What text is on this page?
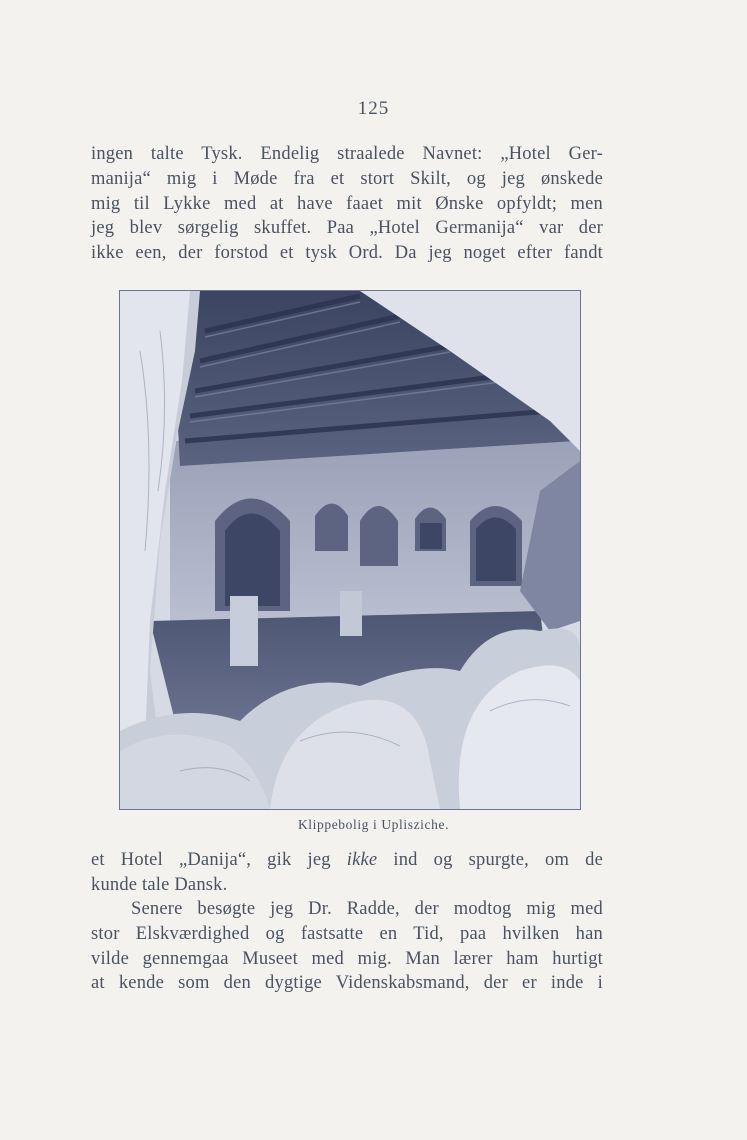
125
ingen talte Tysk. Endelig straalede Navnet: „Hotel Ger-
manija“ mig i Møde fra et stort Skilt, og jeg ønskede
mig til Lykke med at have faaet mit Ønske opfyldt; men
jeg blev sørgelig skuffet. Paa „Hotel Germanija“ var der
ikke een, der forstod et tysk Ord. Da jeg noget efter fandt
Klippebolig i Uplisziche.
et Hotel „Danija“, gik jeg ikke ind og spurgte, om de
kunde tale Dansk.
Senere besøgte jeg Dr. Radde, der modtog mig med
stor Elskværdighed og fastsatte en Tid, paa hvilken han
vilde gennemgaa Museet med mig. Man lærer ham hurtigt
at kende som den dygtige Videnskabsmand, der er inde i
